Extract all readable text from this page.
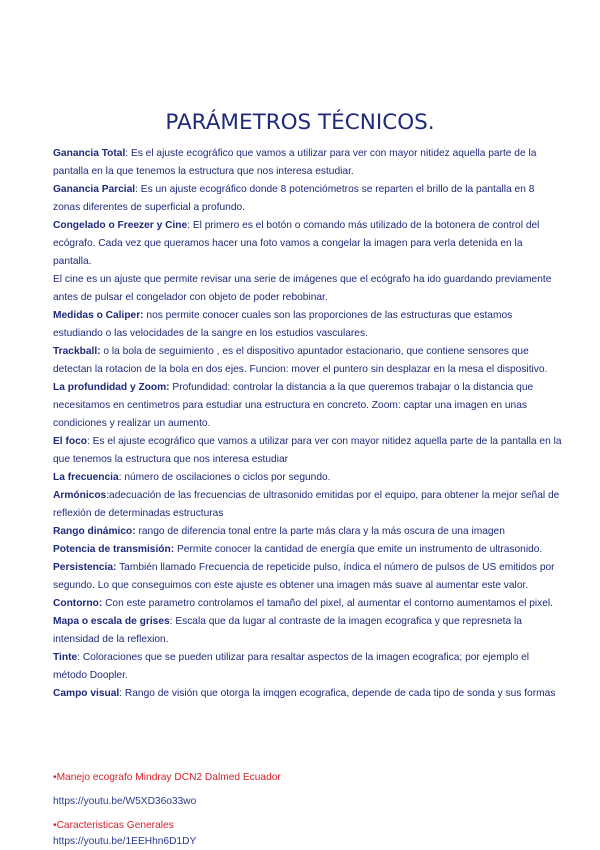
PARÁMETROS TÉCNICOS.

Ganancia Total: Es el ajuste ecográfico que vamos a utilizar para ver con mayor nitidez aquella parte de la pantalla en la que tenemos la estructura que nos interesa estudiar.

Ganancia Parcial: Es un ajuste ecográfico donde 8 potenciómetros se reparten el brillo de la pantalla en 8 zonas diferentes de superficial a profundo.

Congelado o Freezer y Cine: El primero es el botón o comando más utilizado de la botonera de control del ecógrafo. Cada vez que queramos hacer una foto vamos a congelar la imagen para verla detenida en la pantalla.

El cine es un ajuste que permite revisar una serie de imágenes que el ecógrafo ha ido guardando previamente antes de pulsar el congelador con objeto de poder rebobinar.

Medidas o Caliper: nos permite conocer cuales son las proporciones de las estructuras que estamos estudiando o las velocidades de la sangre en los estudios vasculares.

Trackball: o la bola de seguimiento , es el dispositivo apuntador estacionario, que contiene sensores que detectan la rotacion de la bola en dos ejes. Funcion: mover el puntero sin desplazar en la mesa el dispositivo.

La profundidad y Zoom: Profundidad: controlar la distancia a la que queremos trabajar o la distancia que necesitamos en centimetros para estudiar una estructura en concreto. Zoom: captar una imagen en unas condiciones y realizar un aumento.

El foco: Es el ajuste ecográfico que vamos a utilizar para ver con mayor nitidez aquella parte de la pantalla en la que tenemos la estructura que nos interesa estudiar

La frecuencia: número de oscilaciones o ciclos por segundo.

Armónicos:adecuación de las frecuencias de ultrasonido emitidas por el equipo, para obtener la mejor señal de reflexión de determinadas estructuras

Rango dinámico: rango de diferencia tonal entre la parte más clara y la más oscura de una imagen

Potencia de transmisión: Permite conocer la cantidad de energía que emite un instrumento de ultrasonido.

Persistencia: También llamado Frecuencia de repeticide pulso, índica el número de pulsos de US emitidos por segundo. Lo que conseguimos con este ajuste es obtener una imagen más suave al aumentar este valor.

Contorno: Con este parametro controlamos el tamaño del pixel, al aumentar el contorno aumentamos el pixel.

Mapa o escala de grises: Escala que da lugar al contraste de la imagen ecografica y que represneta la intensidad de la reflexion.

Tinte: Coloraciones que se pueden utilizar para resaltar aspectos de la imagen ecografica; por ejemplo el método Doopler.

Campo visual: Rango de visión que otorga la imqgen ecografica, depende de cada tipo de sonda y sus formas

•Manejo ecografo Mindray DCN2 Dalmed Ecuador
https://youtu.be/W5XD36o33wo
•Caracteristicas Generales
https://youtu.be/1EEHhn6D1DY
